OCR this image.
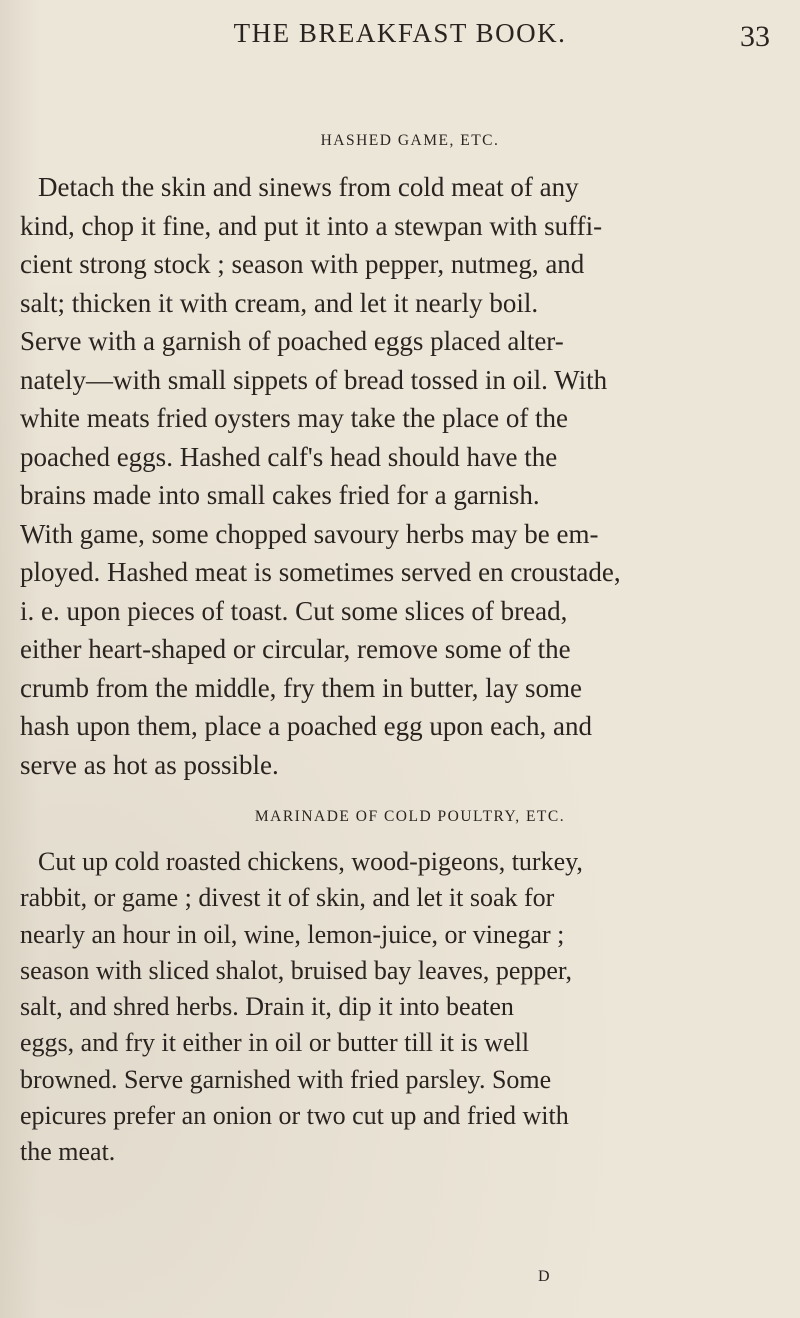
THE BREAKFAST BOOK.	33
HASHED GAME, ETC.
Detach the skin and sinews from cold meat of any
kind, chop it fine, and put it into a stewpan with suffi-
cient strong stock ; season with pepper, nutmeg, and
salt; thicken it with cream, and let it nearly boil.
Serve with a garnish of poached eggs placed alter-
nately—with small sippets of bread tossed in oil. With
white meats fried oysters may take the place of the
poached eggs. Hashed calf's head should have the
brains made into small cakes fried for a garnish.
With game, some chopped savoury herbs may be em-
ployed. Hashed meat is sometimes served en croustade,
i. e. upon pieces of toast. Cut some slices of bread,
either heart-shaped or circular, remove some of the
crumb from the middle, fry them in butter, lay some
hash upon them, place a poached egg upon each, and
serve as hot as possible.
MARINADE OF COLD POULTRY, ETC.
Cut up cold roasted chickens, wood-pigeons, turkey,
rabbit, or game ; divest it of skin, and let it soak for
nearly an hour in oil, wine, lemon-juice, or vinegar ;
season with sliced shalot, bruised bay leaves, pepper,
salt, and shred herbs. Drain it, dip it into beaten
eggs, and fry it either in oil or butter till it is well
browned. Serve garnished with fried parsley. Some
epicures prefer an onion or two cut up and fried with
the meat.
D
